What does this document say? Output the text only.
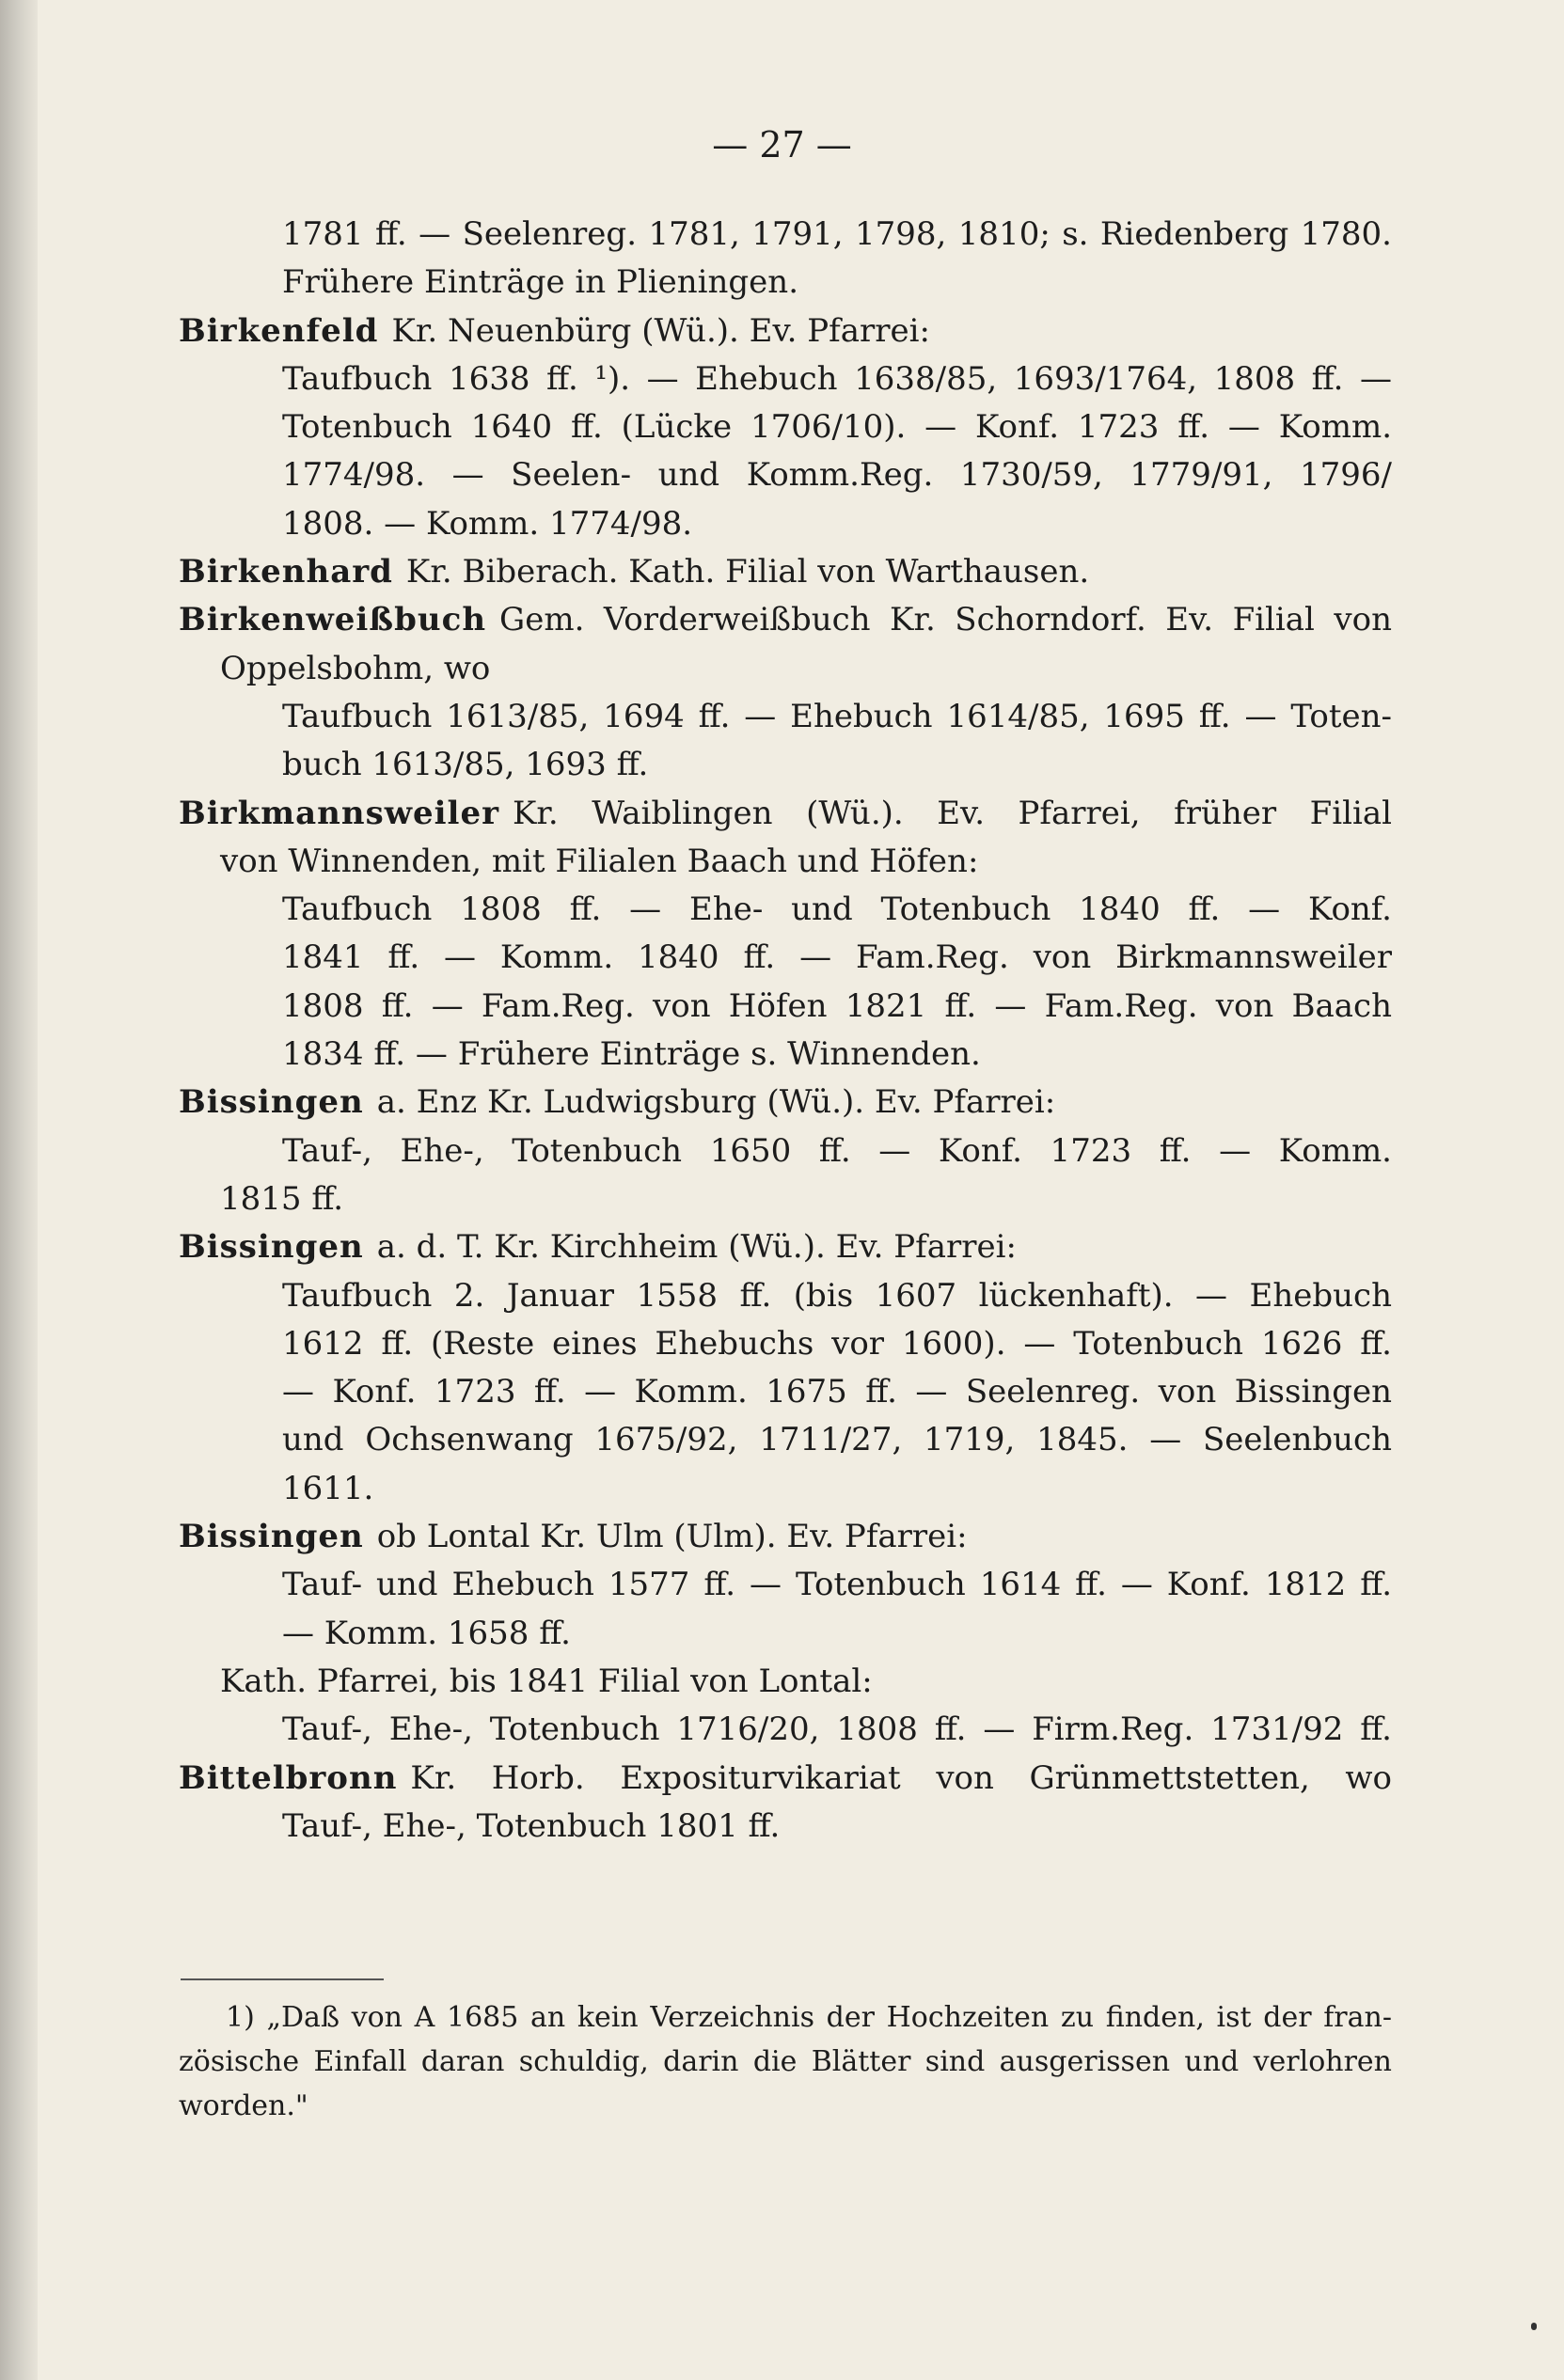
— 27 —
1781 ff. — Seelenreg. 1781, 1791, 1798, 1810; s. Riedenberg 1780.
Frühere Einträge in Plieningen.
Birkenfeld Kr. Neuenbürg (Wü.). Ev. Pfarrei:
Taufbuch 1638 ff. ¹). — Ehebuch 1638/85, 1693/1764, 1808 ff. —
Totenbuch 1640 ff. (Lücke 1706/10). — Konf. 1723 ff. — Komm.
1774/98. — Seelen- und Komm.Reg. 1730/59, 1779/91, 1796/
1808. — Komm. 1774/98.
Birkenhard Kr. Biberach. Kath. Filial von Warthausen.
Birkenweißbuch Gem. Vorderweißbuch Kr. Schorndorf. Ev. Filial von
Oppelsbohm, wo
Taufbuch 1613/85, 1694 ff. — Ehebuch 1614/85, 1695 ff. — Toten-
buch 1613/85, 1693 ff.
Birkmannsweiler Kr. Waiblingen (Wü.). Ev. Pfarrei, früher Filial
von Winnenden, mit Filialen Baach und Höfen:
Taufbuch 1808 ff. — Ehe- und Totenbuch 1840 ff. — Konf.
1841 ff. — Komm. 1840 ff. — Fam.Reg. von Birkmannsweiler
1808 ff. — Fam.Reg. von Höfen 1821 ff. — Fam.Reg. von Baach
1834 ff. — Frühere Einträge s. Winnenden.
Bissingen a. Enz Kr. Ludwigsburg (Wü.). Ev. Pfarrei:
Tauf-, Ehe-, Totenbuch 1650 ff. — Konf. 1723 ff. — Komm.
1815 ff.
Bissingen a. d. T. Kr. Kirchheim (Wü.). Ev. Pfarrei:
Taufbuch 2. Januar 1558 ff. (bis 1607 lückenhaft). — Ehebuch
1612 ff. (Reste eines Ehebuchs vor 1600). — Totenbuch 1626 ff.
— Konf. 1723 ff. — Komm. 1675 ff. — Seelenreg. von Bissingen
und Ochsenwang 1675/92, 1711/27, 1719, 1845. — Seelenbuch
1611.
Bissingen ob Lontal Kr. Ulm (Ulm). Ev. Pfarrei:
Tauf- und Ehebuch 1577 ff. — Totenbuch 1614 ff. — Konf. 1812 ff.
— Komm. 1658 ff.
Kath. Pfarrei, bis 1841 Filial von Lontal:
Tauf-, Ehe-, Totenbuch 1716/20, 1808 ff. — Firm.Reg. 1731/92 ff.
Bittelbronn Kr. Horb. Expositurvikariat von Grünmettstetten, wo
Tauf-, Ehe-, Totenbuch 1801 ff.
1) „Daß von A 1685 an kein Verzeichnis der Hochzeiten zu finden, ist der fran-
zösische Einfall daran schuldig, darin die Blätter sind ausgerissen und verlohren
worden."
